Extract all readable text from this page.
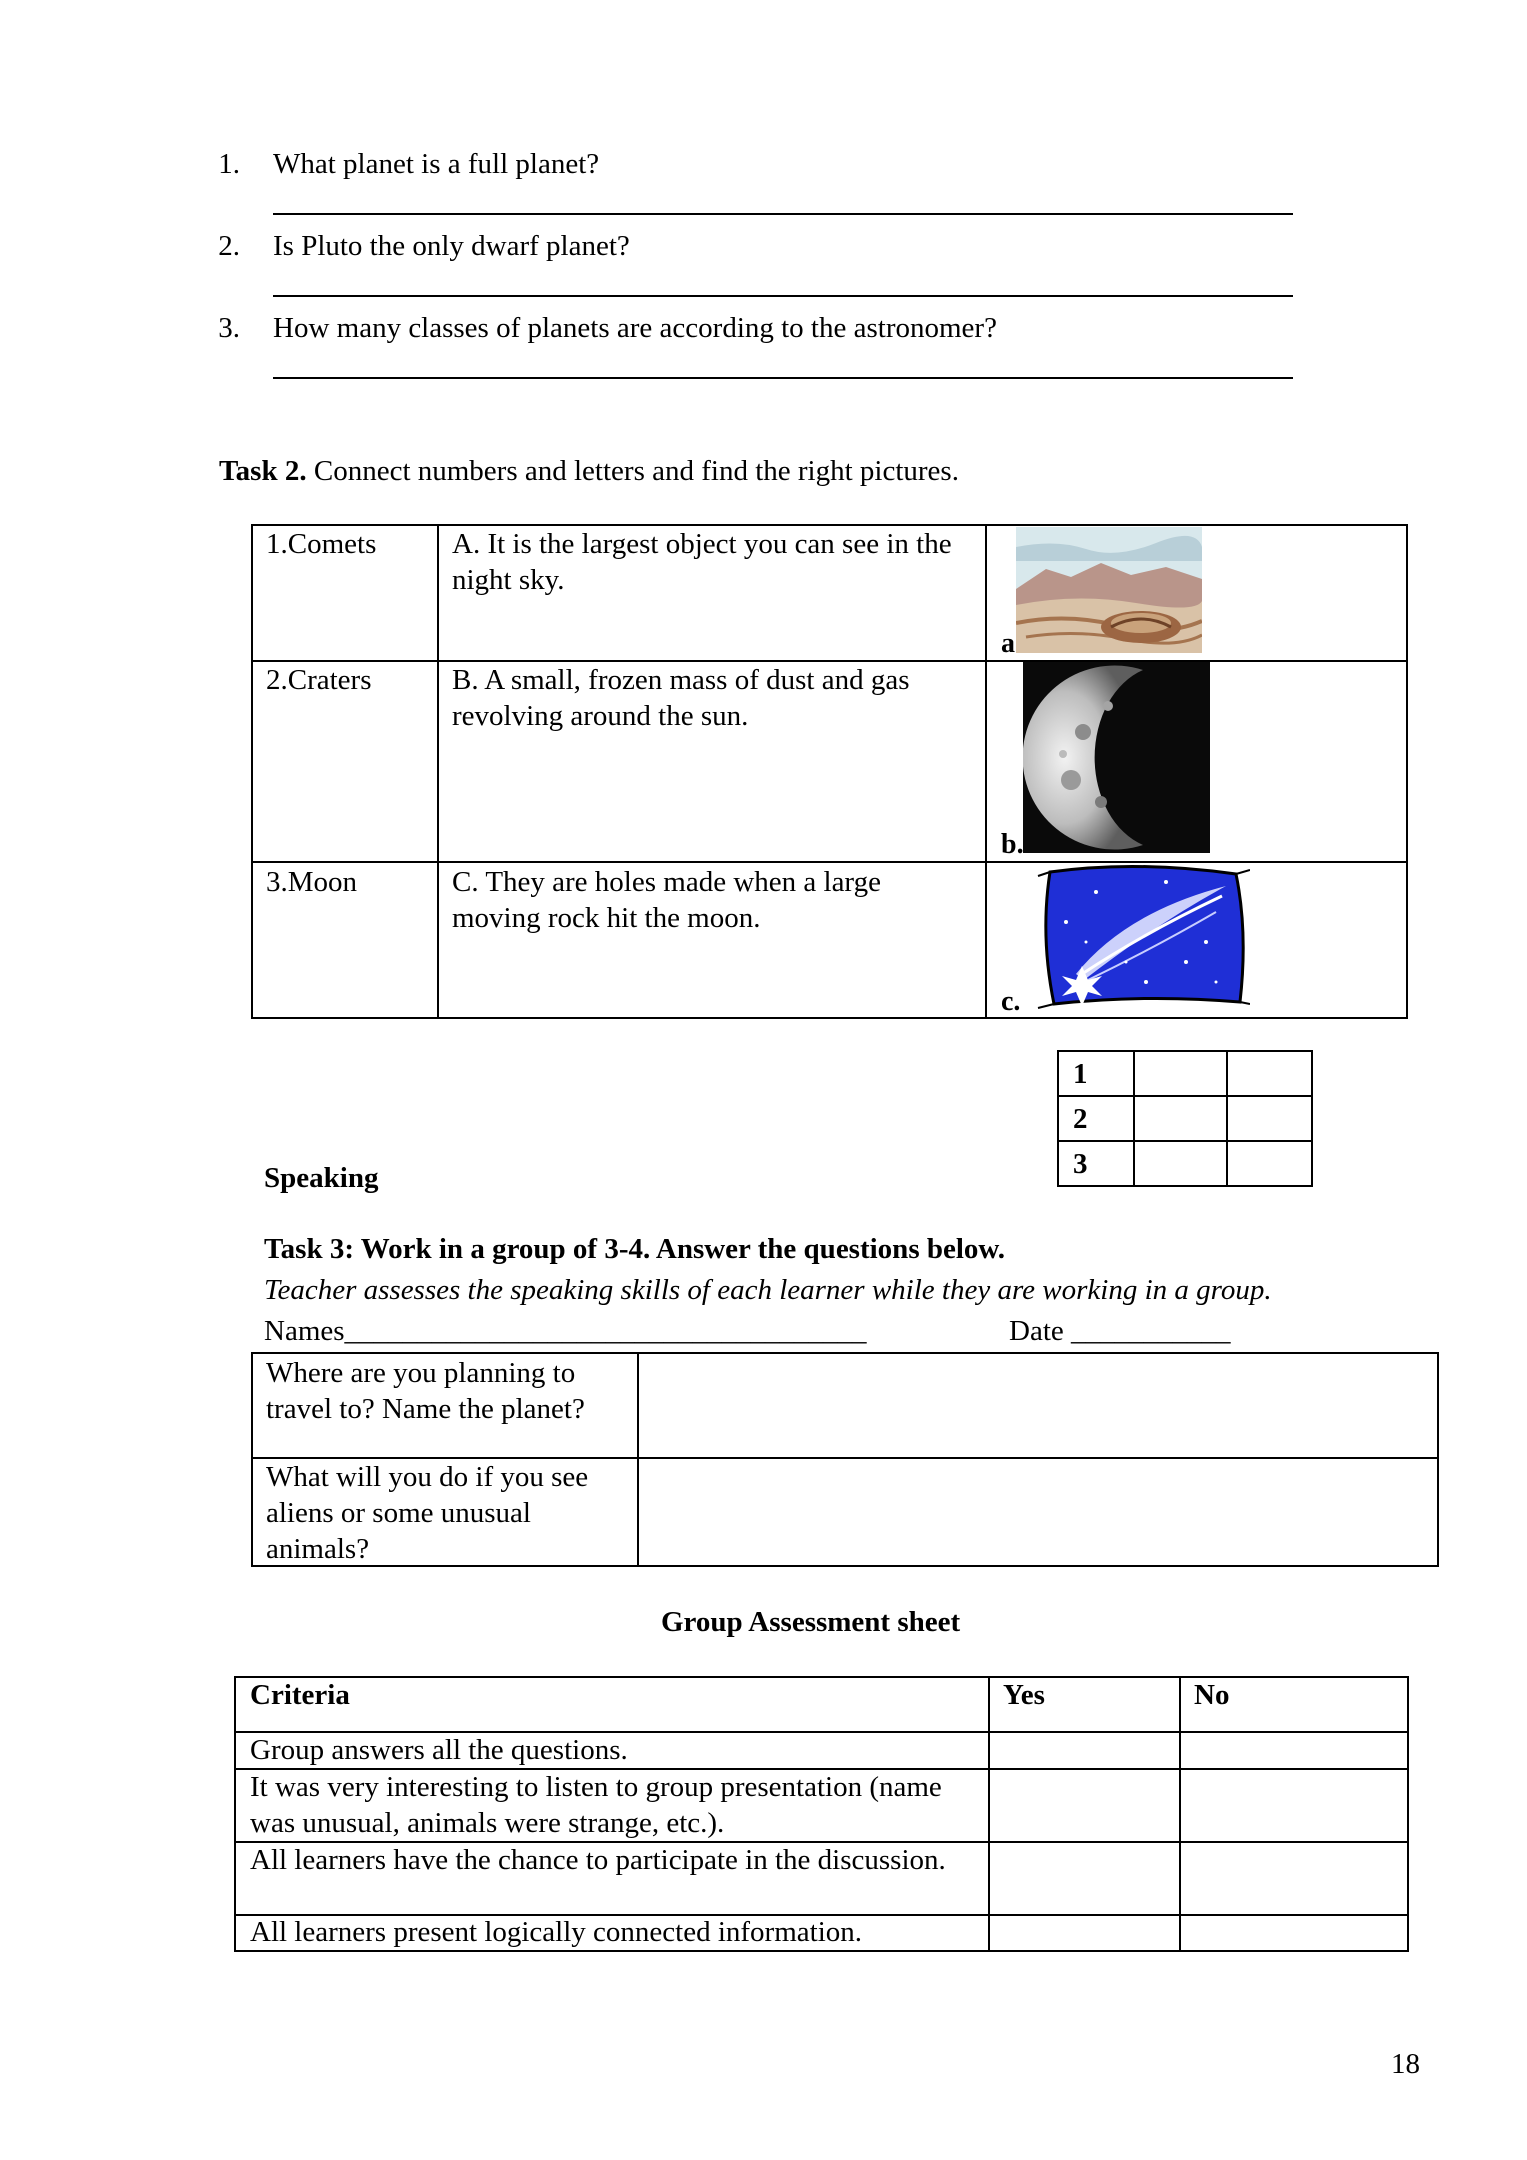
1. What planet is a full planet?
2. Is Pluto the only dwarf planet?
3. How many classes of planets are according to the astronomer?
Task 2. Connect numbers and letters and find the right pictures.
1.Comets	A. It is the largest object you can see in the night sky.
2.Craters	B. A small, frozen mass of dust and gas revolving around the sun.
3.Moon	C. They are holes made when a large moving rock hit the moon.
a
b.
c.
1		
2		
3		
Speaking
Task 3: Work in a group of 3-4. Answer the questions below.
Teacher assesses the speaking skills of each learner while they are working in a group.
Names____________________________________	Date ___________
Where are you planning to travel to? Name the planet?
What will you do if you see aliens or some unusual animals?
Group Assessment sheet
Criteria	Yes	No
Group answers all the questions.
It was very interesting to listen to group presentation (name was unusual, animals were strange, etc.).
All learners have the chance to participate in the discussion.
All learners present logically connected information.
18
